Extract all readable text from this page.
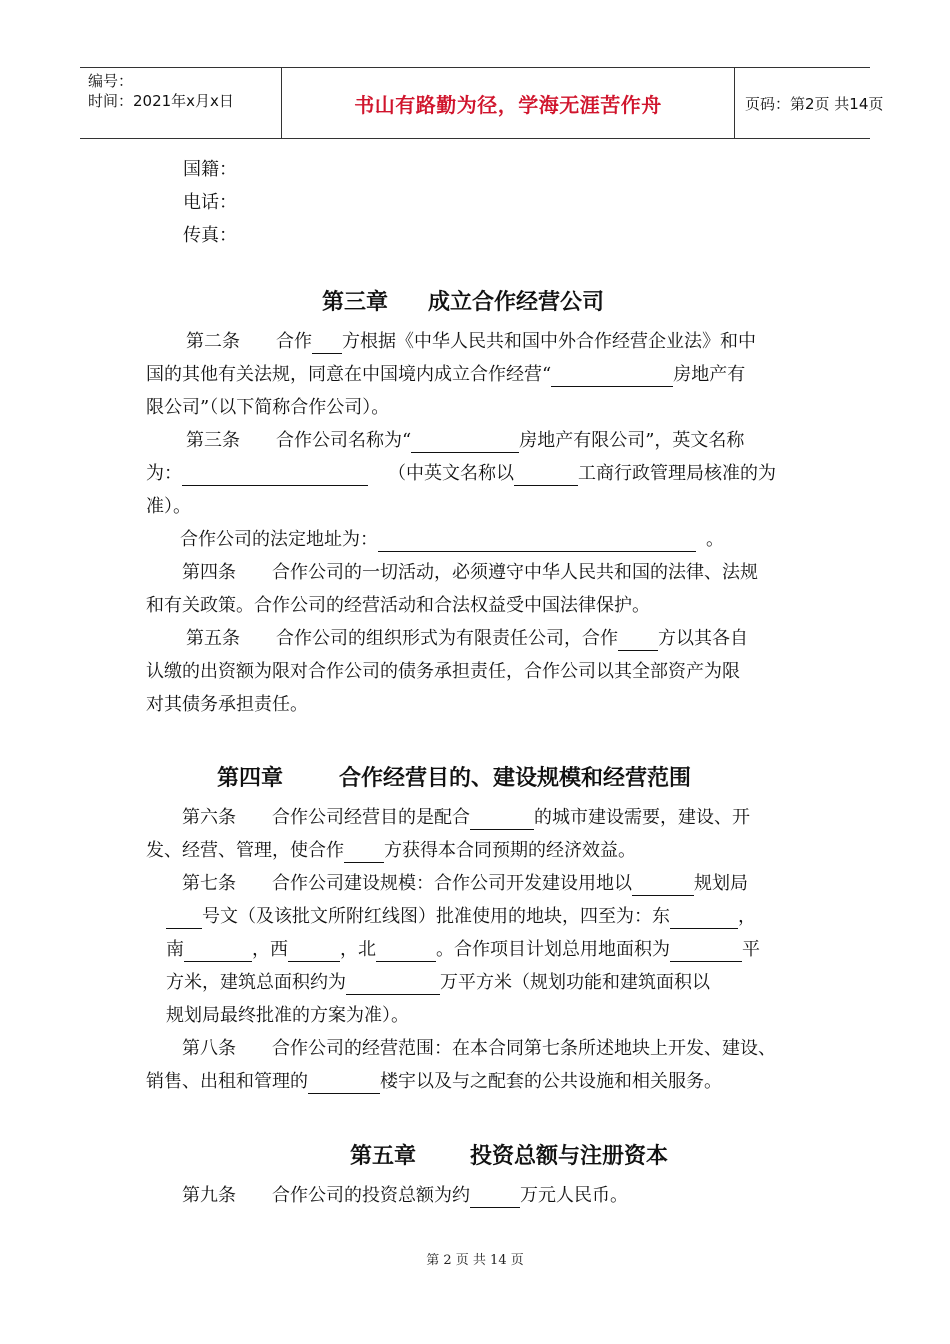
编号：
时间：2021年x月x日	书山有路勤为径，学海无涯苦作舟	页码：第2页 共14页
国籍：
电话：
传真：
第三章 成立合作经营公司
第二条 合作 方根据《中华人民共和国中外合作经营企业法》和中
国的其他有关法规，同意在中国境内成立合作经营“	房地产有
限公司”（以下简称合作公司）。
第三条 合作公司名称为“	房地产有限公司”，英文名称
为：	（中英文名称以	工商行政管理局核准的为
准）。
合作公司的法定地址为：	。
第四条 合作公司的一切活动，必须遵守中华人民共和国的法律、法规
和有关政策。合作公司的经营活动和合法权益受中国法律保护。
第五条 合作公司的组织形式为有限责任公司，合作 方以其各自
认缴的出资额为限对合作公司的债务承担责任，合作公司以其全部资产为限
对其债务承担责任。
第四章	合作经营目的、建设规模和经营范围
第六条 合作公司经营目的是配合	的城市建设需要，建设、开
发、经营、管理，使合作 方获得本合同预期的经济效益。
第七条 合作公司建设规模：合作公司开发建设用地以	规划局
号文（及该批文所附红线图）批准使用的地块，四至为：东	，
南	，西	，北	。合作项目计划总用地面积为	平
方米，建筑总面积约为	万平方米（规划功能和建筑面积以
规划局最终批准的方案为准）。
第八条 合作公司的经营范围：在本合同第七条所述地块上开发、建设、
销售、出租和管理的	楼宇以及与之配套的公共设施和相关服务。
第五章 投资总额与注册资本
第九条 合作公司的投资总额为约	万元人民币。
第 2 页 共 14 页
